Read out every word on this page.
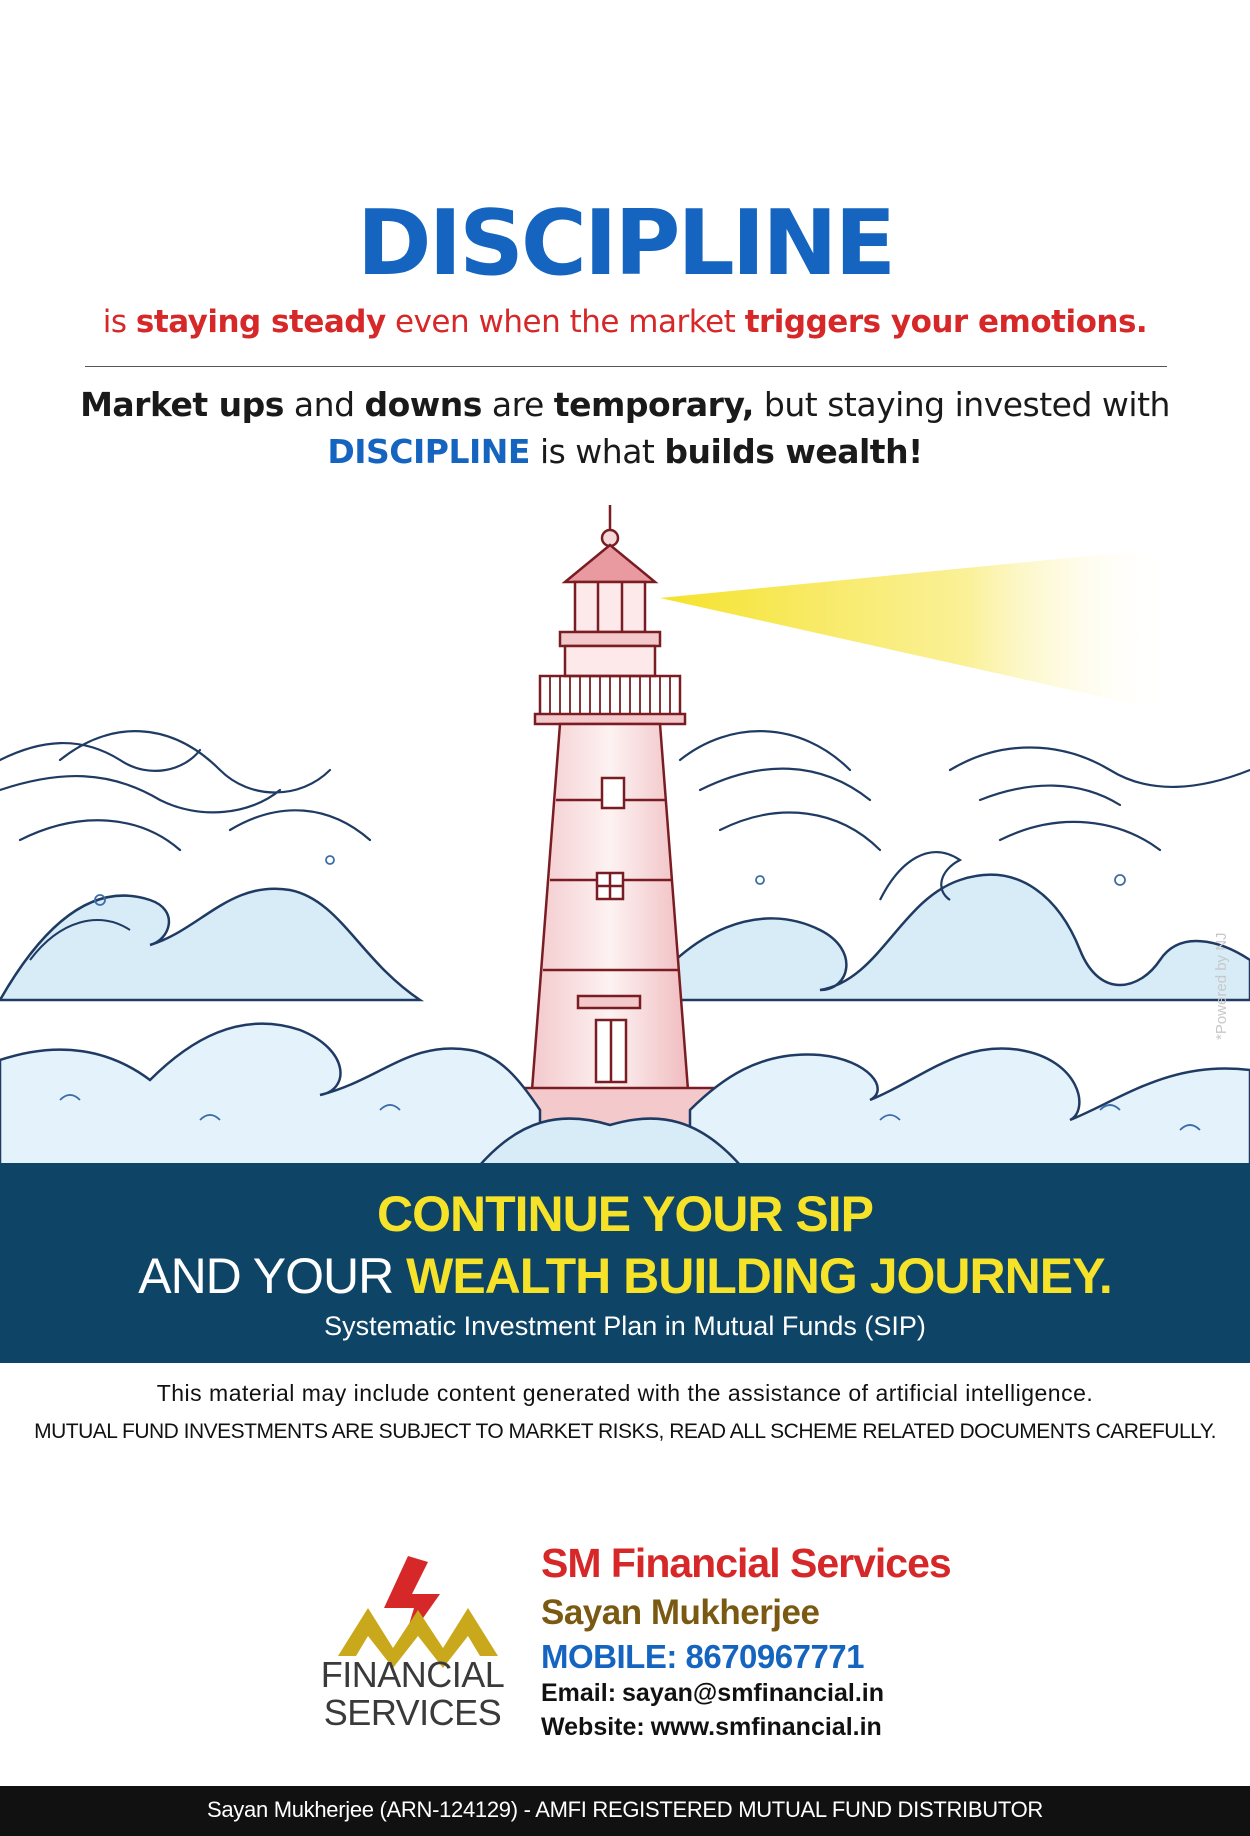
DISCIPLINE
is staying steady even when the market triggers your emotions.
Market ups and downs are temporary, but staying invested with
DISCIPLINE is what builds wealth!
*Powered by NJ
CONTINUE YOUR SIP
AND YOUR WEALTH BUILDING JOURNEY.
Systematic Investment Plan in Mutual Funds (SIP)
This material may include content generated with the assistance of artificial intelligence.
MUTUAL FUND INVESTMENTS ARE SUBJECT TO MARKET RISKS, READ ALL SCHEME RELATED DOCUMENTS CAREFULLY.
FINANCIAL
SERVICES
SM Financial Services
Sayan Mukherjee
MOBILE: 8670967771
Email: sayan@smfinancial.in
Website: www.smfinancial.in
Sayan Mukherjee (ARN-124129) - AMFI REGISTERED MUTUAL FUND DISTRIBUTOR
